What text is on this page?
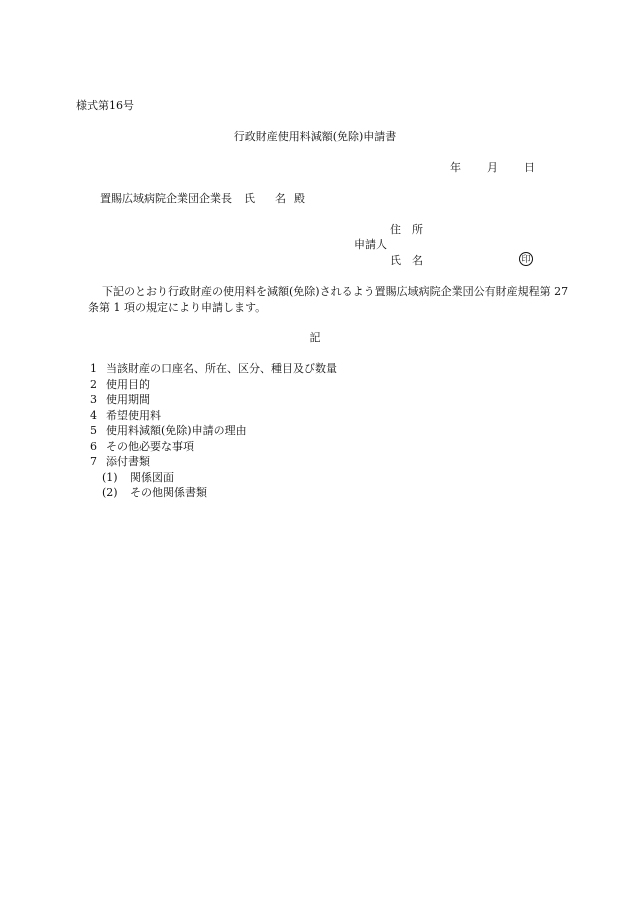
様式第16号
行政財産使用料減額(免除)申請書
年 月 日
置賜広域病院企業団企業長 氏 名 殿
住　所
申請人
氏　名	印
下記のとおり行政財産の使用料を減額(免除)されるよう置賜広域病院企業団公有財産規程第 27 条第 1 項の規定により申請します。
記
1 当該財産の口座名、所在、区分、種目及び数量
2 使用目的
3 使用期間
4 希望使用料
5 使用料減額(免除)申請の理由
6 その他必要な事項
7 添付書類
(1) 関係図面
(2) その他関係書類
